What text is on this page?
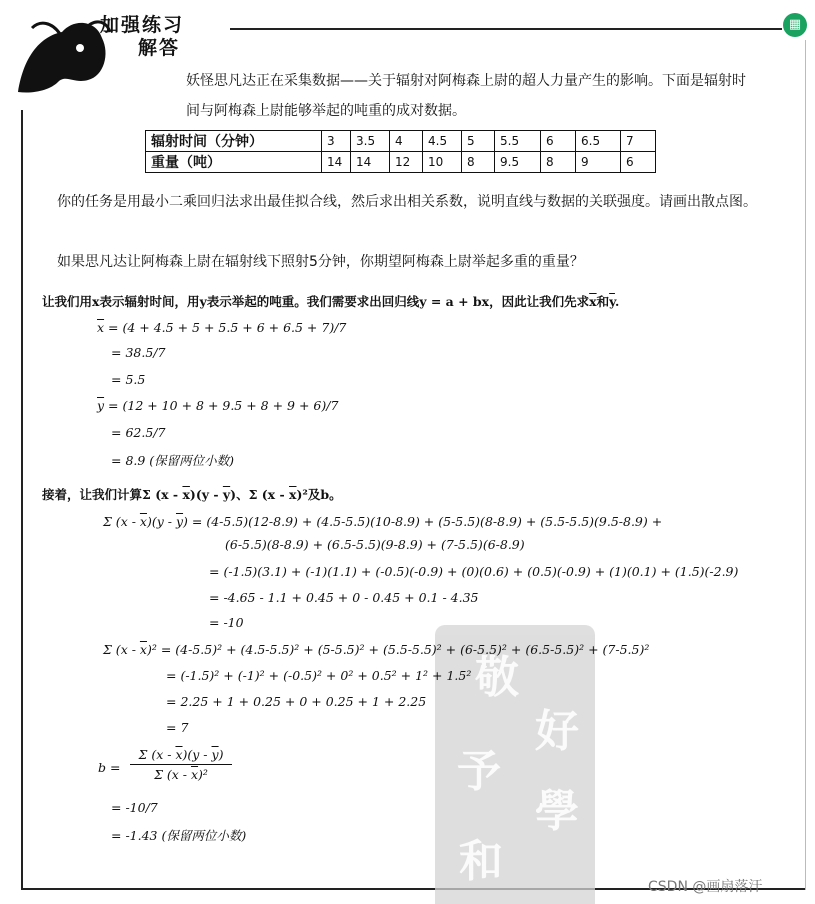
加强练习
解答
▦
敬
好
予
學
和
妖怪思凡达正在采集数据——关于辐射对阿梅森上尉的超人力量产生的影响。下面是辐射时间与阿梅森上尉能够举起的吨重的成对数据。
辐射时间（分钟）	3	3.5	4	4.5	5	5.5	6	6.5	7
重量（吨）	14	14	12	10	8	9.5	8	9	6
你的任务是用最小二乘回归法求出最佳拟合线，然后求出相关系数，说明直线与数据的关联强度。请画出散点图。
如果思凡达让阿梅森上尉在辐射线下照射5分钟，你期望阿梅森上尉举起多重的重量？
让我们用x表示辐射时间，用y表示举起的吨重。我们需要求出回归线y = a + bx，因此让我们先求$\overline{x}$和$\overline{y}$.
$\overline{x} = (4 + 4.5 + 5 + 5.5 + 6 + 6.5 + 7)/7$
= 38.5/7
= 5.5
$\overline{y} = (12 + 10 + 8 + 9.5 + 8 + 9 + 6)/7$
= 62.5/7
= 8.9 (保留两位小数)
接着，让我们计算Σ $(x - \overline{x})(y - \overline{y})$、Σ $(x - \overline{x})^2$及b。
Σ $(x - \overline{x})(y - \overline{y}) = (4-5.5)(12-8.9) + (4.5-5.5)(10-8.9) + (5-5.5)(8-8.9) + (5.5-5.5)(9.5-8.9)$ +
(6-5.5)(8-8.9) + (6.5-5.5)(9-8.9) + (7-5.5)(6-8.9)
= (-1.5)(3.1) + (-1)(1.1) + (-0.5)(-0.9) + (0)(0.6) + (0.5)(-0.9) + (1)(0.1) + (1.5)(-2.9)
= -4.65 - 1.1 + 0.45 + 0 - 0.45 + 0.1 - 4.35
= -10
Σ $(x - \overline{x})^2 = (4-5.5)^2 + (4.5-5.5)^2 + (5-5.5)^2 + (5.5-5.5)^2 + (6-5.5)^2 + (6.5-5.5)^2 + (7-5.5)^2$
= (-1.5)² + (-1)² + (-0.5)² + 0² + 0.5² + 1² + 1.5²
= 2.25 + 1 + 0.25 + 0 + 0.25 + 1 + 2.25
= 7
$b = \frac{\Sigma (x - \overline{x})(y - \overline{y})}{\Sigma (x - \overline{x})^2}$
= -10/7
= -1.43 (保留两位小数)
CSDN @画扇落汗
